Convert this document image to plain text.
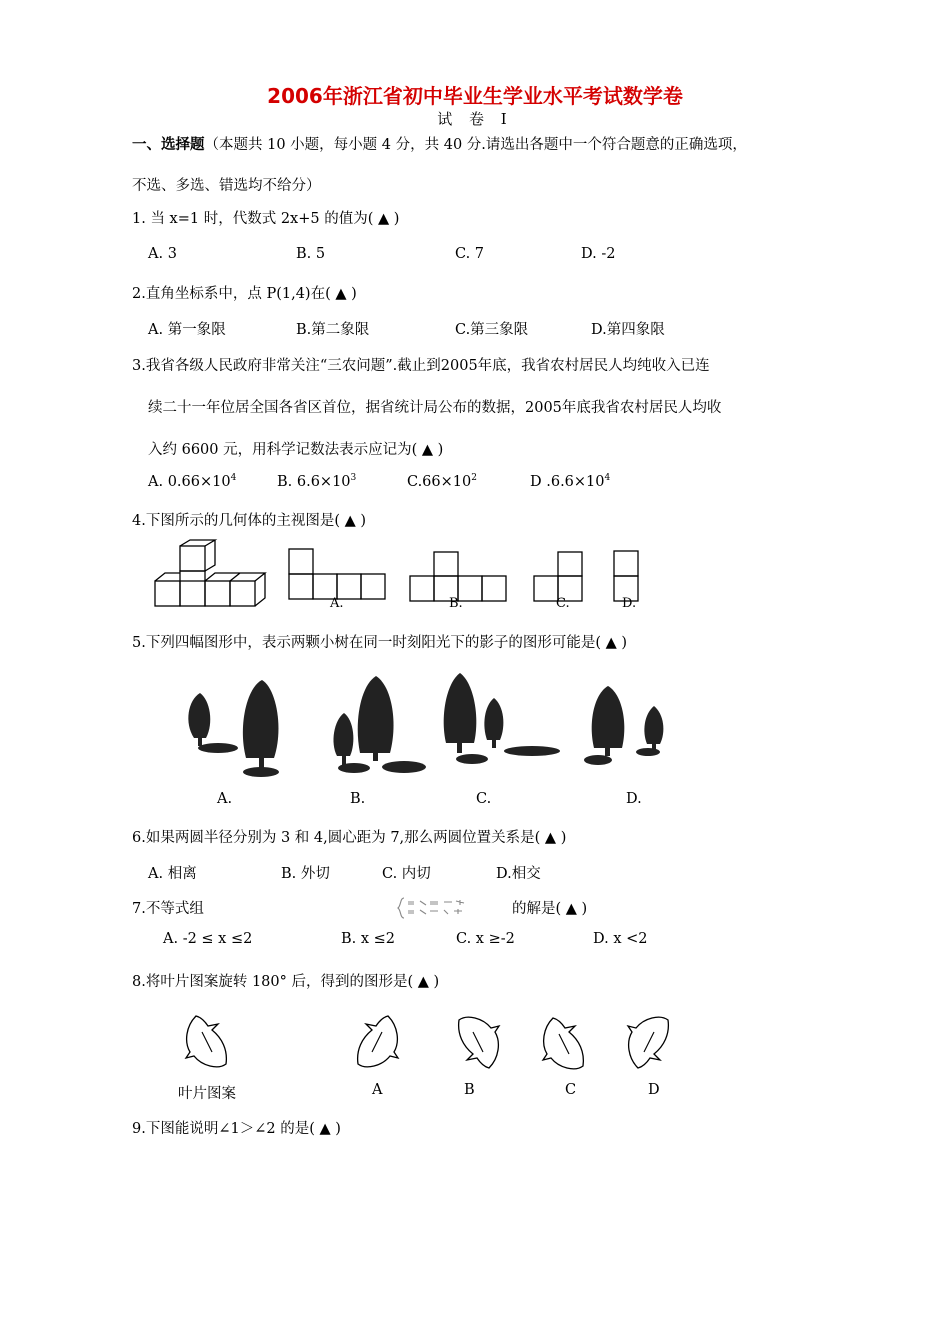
2006年浙江省初中毕业生学业水平考试数学卷
试 卷 Ⅰ
一、选择题（本题共 10 小题，每小题 4 分，共 40 分.请选出各题中一个符合题意的正确选项，
不选、多选、错选均不给分）
1. 当 x=1 时，代数式 2x+5 的值为( ▲ )
A. 3	B. 5	C. 7	D. -2
2.直角坐标系中，点 P(1,4)在( ▲ )
A. 第一象限	B.第二象限	C.第三象限	D.第四象限
3.我省各级人民政府非常关注“三农问题”.截止到2005年底，我省农村居民人均纯收入已连
续二十一年位居全国各省区首位，据省统计局公布的数据，2005年底我省农村居民人均收
入约 6600 元，用科学记数法表示应记为( ▲ )
A. $0.66\times 10^4$	B. $6.6\times 10^3$	$C.66\times 10^2$	D $.6.6\times 10^4$
4.下图所示的几何体的主视图是( ▲ )
A.	B.	C.	D.
5.下列四幅图形中，表示两颗小树在同一时刻阳光下的影子的图形可能是( ▲ )
A.	B.	C.	D.
6.如果两圆半径分别为 3 和 4,圆心距为 7,那么两圆位置关系是( ▲ )
A. 相离	B. 外切	C. 内切	D.相交
7.不等式组	的解是( ▲ )
A. -2 ≤ x ≤2	B. x ≤2	C. x ≥-2	D. x <2
8.将叶片图案旋转 180° 后，得到的图形是( ▲ )
叶片图案	A	B	C	D
9.下图能说明∠1＞∠2 的是( ▲ )
